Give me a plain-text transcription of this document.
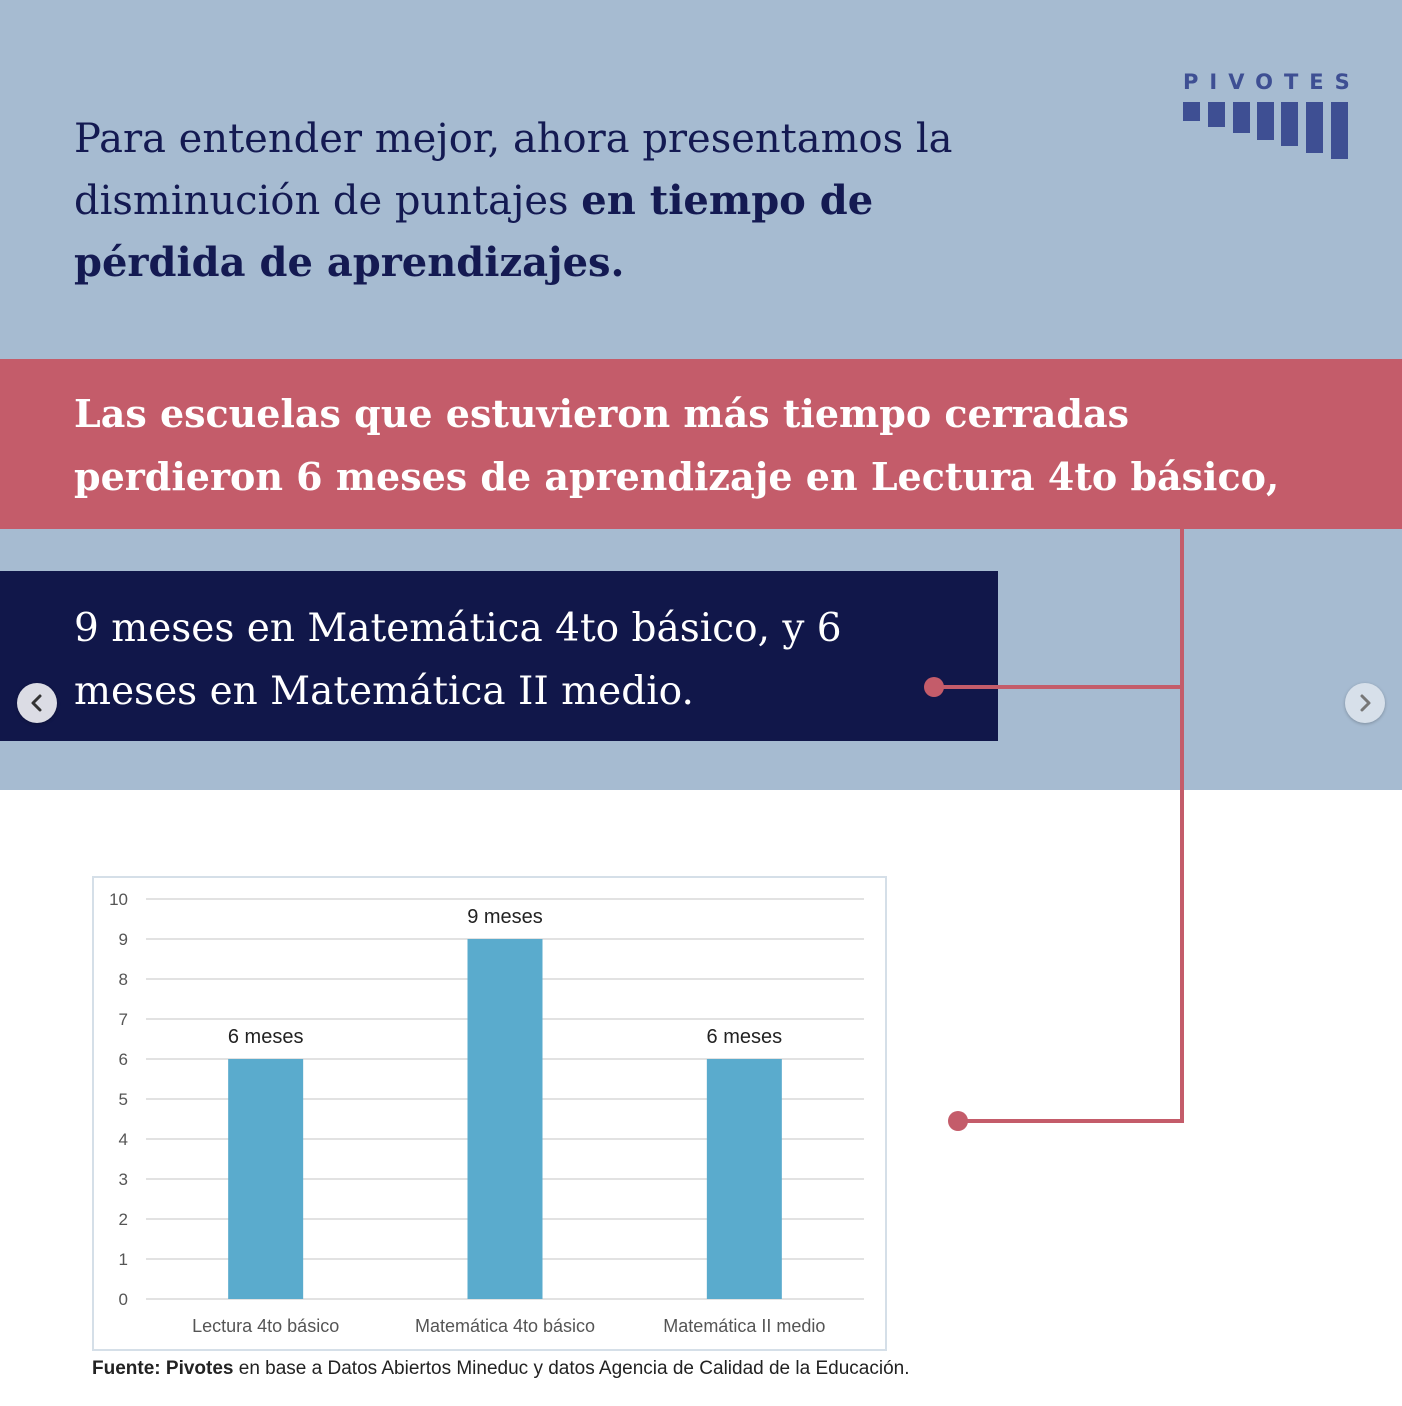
Para entender mejor, ahora presentamos la disminución de puntajes en tiempo de pérdida de aprendizajes.
PIVOTES
Las escuelas que estuvieron más tiempo cerradas perdieron 6 meses de aprendizaje en Lectura 4to básico,
9 meses en Matemática 4to básico, y 6 meses en Matemática II medio.
0
1
2
3
4
5
6
7
8
9
10
6 meses
Lectura 4to básico
9 meses
Matemática 4to básico
6 meses
Matemática II medio
Fuente: Pivotes en base a Datos Abiertos Mineduc y datos Agencia de Calidad de la Educación.
